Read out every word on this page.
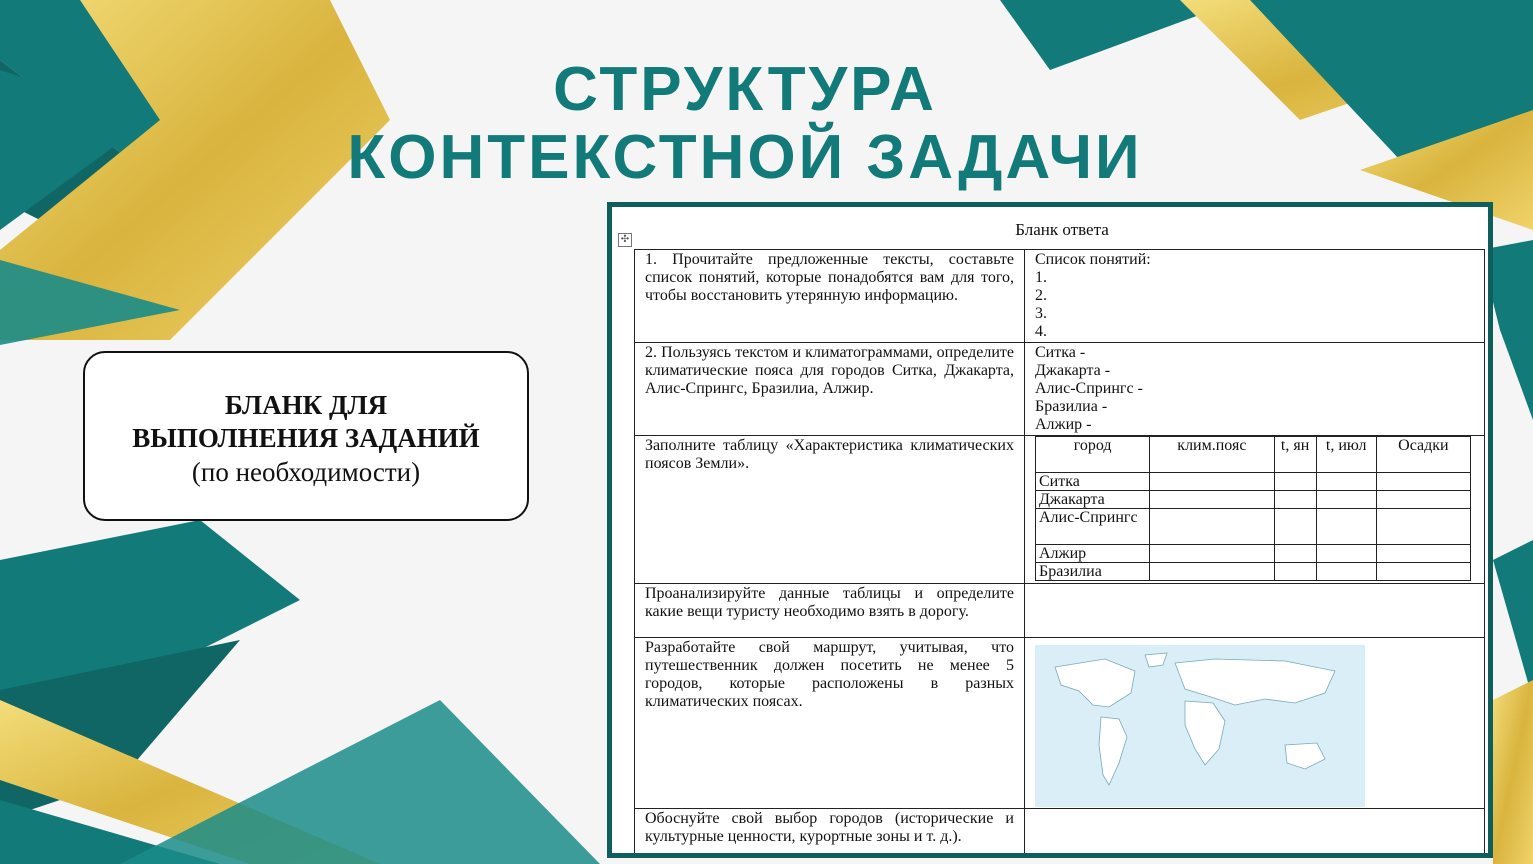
СТРУКТУРА
КОНТЕКСТНОЙ ЗАДАЧИ
БЛАНК ДЛЯ
ВЫПОЛНЕНИЯ ЗАДАНИЙ
(по необходимости)
Бланк ответа
✣
1. Прочитайте предложенные тексты, составьте список понятий, которые понадобятся вам для того, чтобы восстановить утерянную информацию.	
Список понятий:
1.
2.
3.
4.

2. Пользуясь текстом и климатограммами, определите климатические пояса для городов Ситка, Джакарта, Алис-Спрингс, Бразилиа, Алжир.	
Ситка -
Джакарта -
Алис-Спрингс -
Бразилиа -
Алжир -

Заполните таблицу «Характеристика климатических поясов Земли».	
город	клим.пояс	t, ян	t, июл	Осадки
Ситка				
Джакарта				
Алис-Спрингс				
Алжир				
Бразилиа				

Проанализируйте данные таблицы и определите какие вещи туристу необходимо взять в дорогу.	
Разработайте свой маршрут, учитывая, что путешественник должен посетить не менее 5 городов, которые расположены в разных климатических поясах.	

Обоснуйте свой выбор городов (исторические и культурные ценности, курортные зоны и т. д.).	
